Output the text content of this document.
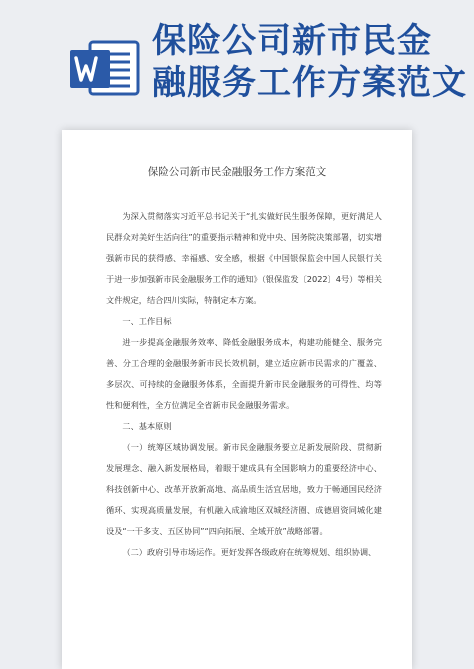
保险公司新市民金
融服务工作方案范文
保险公司新市民金融服务工作方案范文

为深入贯彻落实习近平总书记关于“扎实做好民生服务保障，更好满足人民群众对美好生活向往”的重要指示精神和党中央、国务院决策部署，切实增强新市民的获得感、幸福感、安全感，根据《中国银保监会中国人民银行关于进一步加强新市民金融服务工作的通知》（银保监发〔2022〕4号）等相关文件规定，结合四川实际，特制定本方案。

一、工作目标

进一步提高金融服务效率、降低金融服务成本，构建功能健全、服务完善、分工合理的金融服务新市民长效机制，建立适应新市民需求的广覆盖、多层次、可持续的金融服务体系，全面提升新市民金融服务的可得性、均等性和便利性，全方位满足全省新市民金融服务需求。

二、基本原则

（一）统筹区域协调发展。新市民金融服务要立足新发展阶段、贯彻新发展理念、融入新发展格局，着眼于建成具有全国影响力的重要经济中心、科技创新中心、改革开放新高地、高品质生活宜居地，致力于畅通国民经济循环、实现高质量发展，有机融入成渝地区双城经济圈、成德眉资同城化建设及“一干多支、五区协同”“四向拓展、全域开放”战略部署。

（二）政府引导市场运作。更好发挥各级政府在统筹规划、组织协调、
